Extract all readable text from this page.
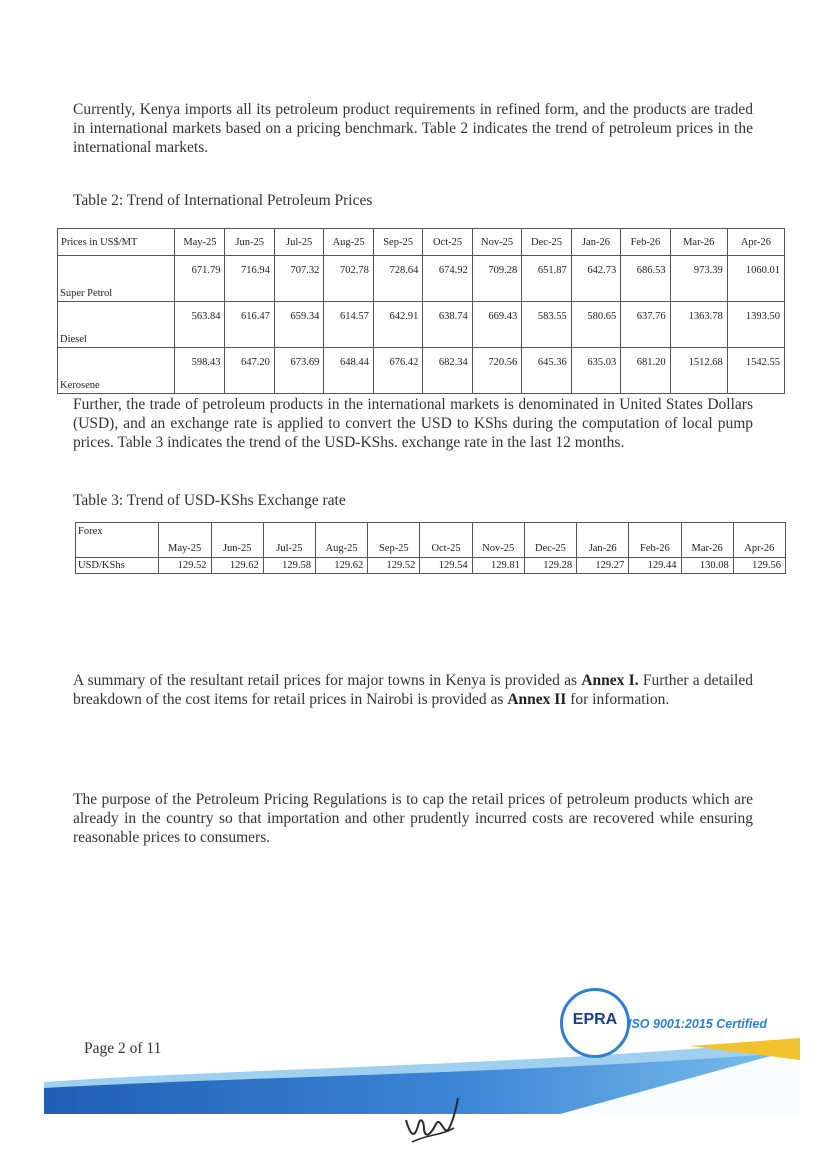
Currently, Kenya imports all its petroleum product requirements in refined form, and the products are traded in international markets based on a pricing benchmark. Table 2 indicates the trend of petroleum prices in the international markets.

Table 2: Trend of International Petroleum Prices
Prices in US$/MT	May-25	Jun-25	Jul-25	Aug-25	Sep-25	Oct-25	Nov-25	Dec-25	Jan-26	Feb-26	Mar-26	Apr-26
Super Petrol	671.79	716.94	707.32	702.78	728.64	674.92	709.28	651.87	642.73	686.53	973.39	1060.01
Diesel	563.84	616.47	659.34	614.57	642.91	638.74	669.43	583.55	580.65	637.76	1363.78	1393.50
Kerosene	598.43	647.20	673.69	648.44	676.42	682.34	720.56	645.36	635.03	681.20	1512.68	1542.55

Further, the trade of petroleum products in the international markets is denominated in United States Dollars (USD), and an exchange rate is applied to convert the USD to KShs during the computation of local pump prices. Table 3 indicates the trend of the USD-KShs. exchange rate in the last 12 months.

Table 3: Trend of USD-KShs Exchange rate
Forex	May-25	Jun-25	Jul-25	Aug-25	Sep-25	Oct-25	Nov-25	Dec-25	Jan-26	Feb-26	Mar-26	Apr-26
USD/KShs	129.52	129.62	129.58	129.62	129.52	129.54	129.81	129.28	129.27	129.44	130.08	129.56

A summary of the resultant retail prices for major towns in Kenya is provided as Annex I. Further a detailed breakdown of the cost items for retail prices in Nairobi is provided as Annex II for information.

The purpose of the Petroleum Pricing Regulations is to cap the retail prices of petroleum products which are already in the country so that importation and other prudently incurred costs are recovered while ensuring reasonable prices to consumers.

Page 2 of 11
EPRA ISO 9001:2015 Certified
